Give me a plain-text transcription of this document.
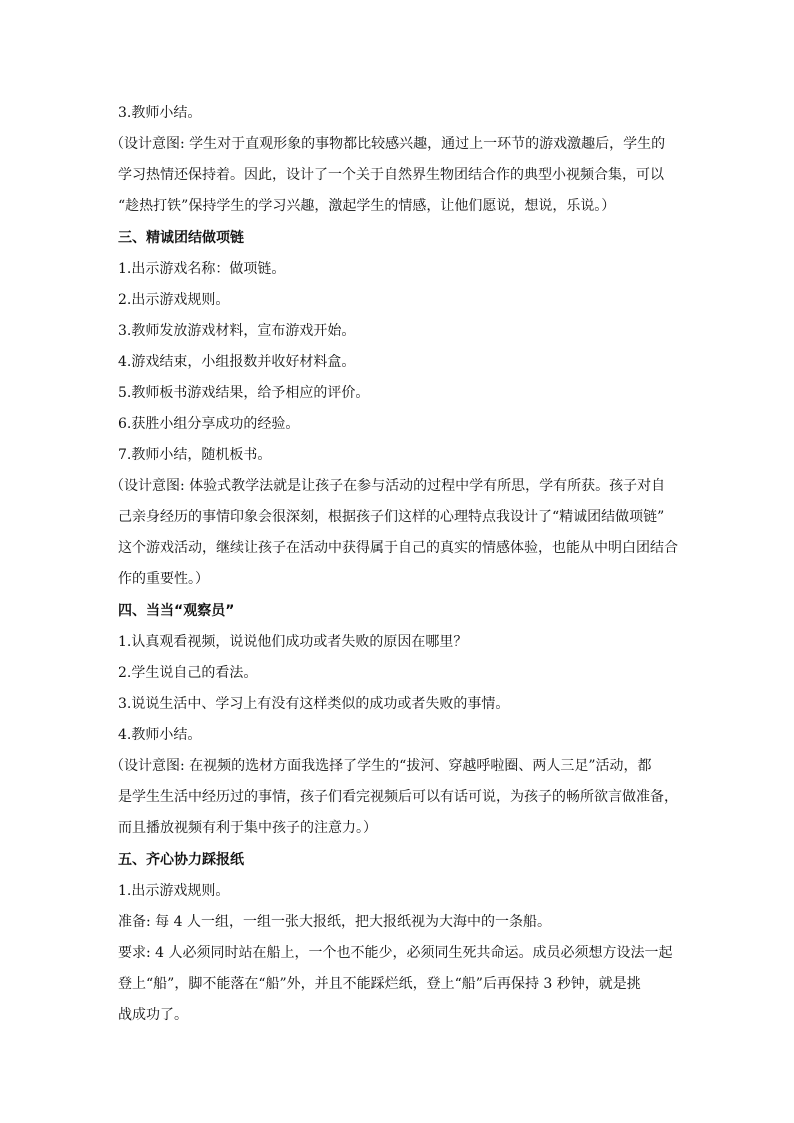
3.教师小结。
（设计意图: 学生对于直观形象的事物都比较感兴趣，通过上一环节的游戏激趣后，学生的
学习热情还保持着。因此，设计了一个关于自然界生物团结合作的典型小视频合集，可以
“趁热打铁”保持学生的学习兴趣，激起学生的情感，让他们愿说，想说，乐说。）
三、精诚团结做项链
1.出示游戏名称：做项链。
2.出示游戏规则。
3.教师发放游戏材料，宣布游戏开始。
4.游戏结束，小组报数并收好材料盒。
5.教师板书游戏结果，给予相应的评价。
6.获胜小组分享成功的经验。
7.教师小结，随机板书。
（设计意图: 体验式教学法就是让孩子在参与活动的过程中学有所思，学有所获。孩子对自
己亲身经历的事情印象会很深刻，根据孩子们这样的心理特点我设计了“精诚团结做项链”
这个游戏活动，继续让孩子在活动中获得属于自己的真实的情感体验，也能从中明白团结合
作的重要性。）
四、当当“观察员”
1.认真观看视频，说说他们成功或者失败的原因在哪里？
2.学生说自己的看法。
3.说说生活中、学习上有没有这样类似的成功或者失败的事情。
4.教师小结。
（设计意图: 在视频的选材方面我选择了学生的“拔河、穿越呼啦圈、两人三足”活动，都
是学生生活中经历过的事情，孩子们看完视频后可以有话可说，为孩子的畅所欲言做准备，
而且播放视频有利于集中孩子的注意力。）
五、齐心协力踩报纸
1.出示游戏规则。
准备: 每 4 人一组，一组一张大报纸，把大报纸视为大海中的一条船。
要求: 4 人必须同时站在船上，一个也不能少，必须同生死共命运。成员必须想方设法一起
登上“船”，脚不能落在“船”外，并且不能踩烂纸，登上“船”后再保持 3 秒钟，就是挑
战成功了。
